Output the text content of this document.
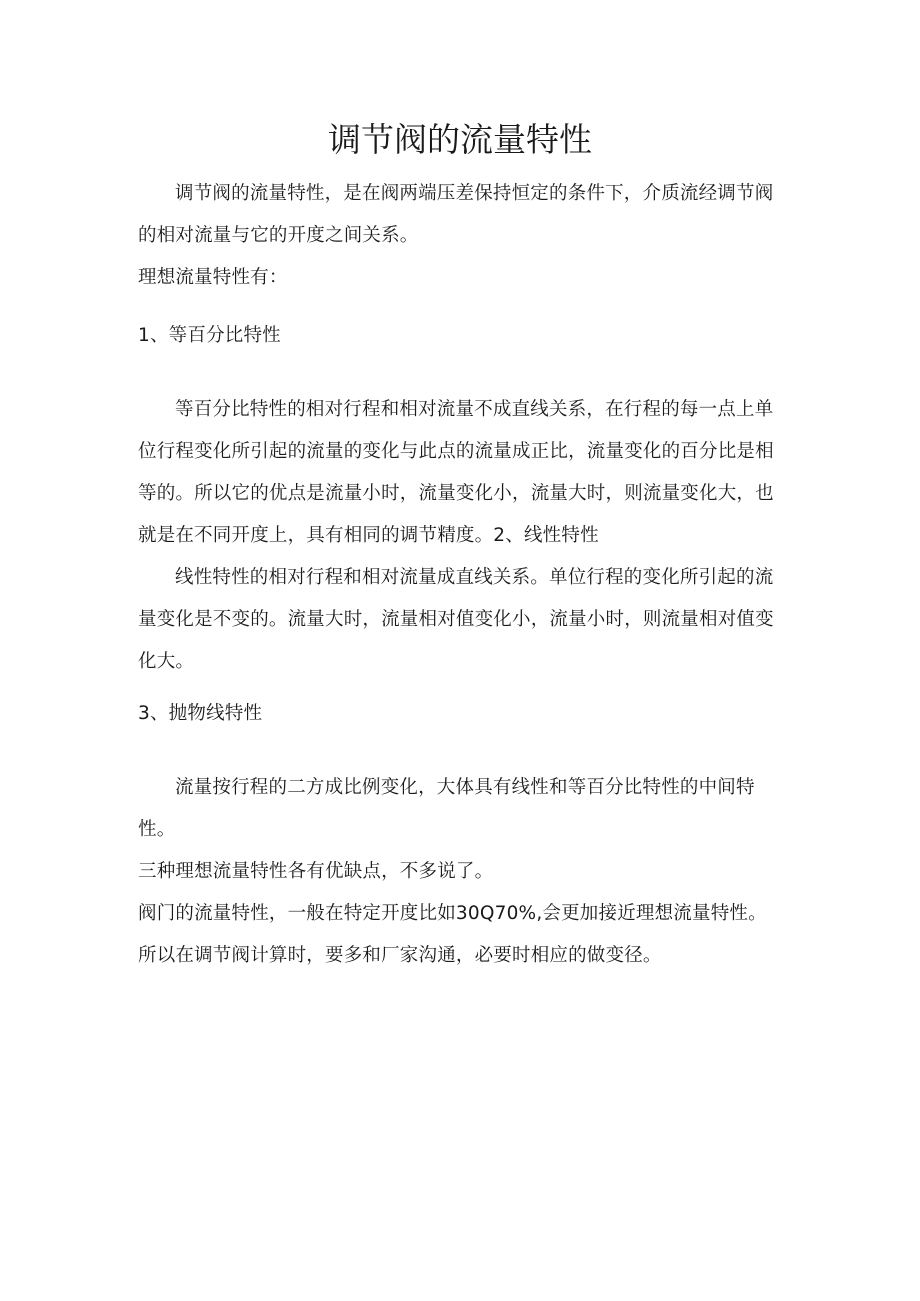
调节阀的流量特性

调节阀的流量特性，是在阀两端压差保持恒定的条件下，介质流经调节阀的相对流量与它的开度之间关系。

理想流量特性有：

1、等百分比特性

等百分比特性的相对行程和相对流量不成直线关系，在行程的每一点上单位行程变化所引起的流量的变化与此点的流量成正比，流量变化的百分比是相等的。所以它的优点是流量小时，流量变化小，流量大时，则流量变化大，也就是在不同开度上，具有相同的调节精度。2、线性特性

线性特性的相对行程和相对流量成直线关系。单位行程的变化所引起的流量变化是不变的。流量大时，流量相对值变化小，流量小时，则流量相对值变化大。

3、抛物线特性

流量按行程的二方成比例变化，大体具有线性和等百分比特性的中间特性。

三种理想流量特性各有优缺点，不多说了。

阀门的流量特性，一般在特定开度比如30Q70%,会更加接近理想流量特性。所以在调节阀计算时，要多和厂家沟通，必要时相应的做变径。
